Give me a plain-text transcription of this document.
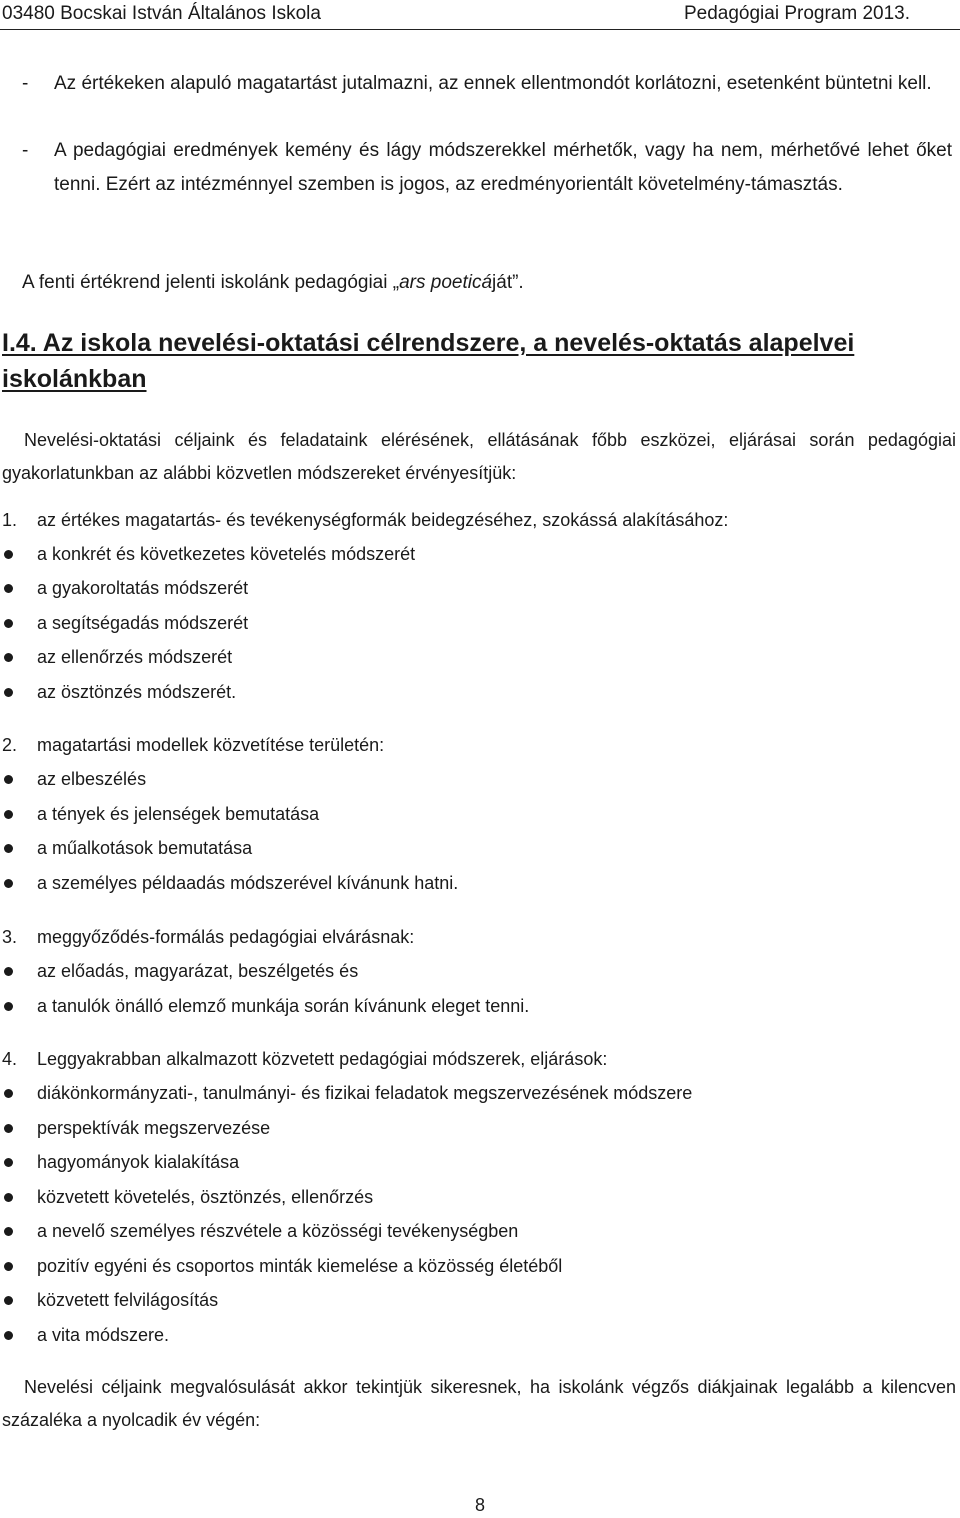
03480 Bocskai István Általános Iskola	Pedagógiai Program 2013.
‑ Az értékeken alapuló magatartást jutalmazni, az ennek ellentmondót korlátozni, esetenként büntetni kell.
‑ A pedagógiai eredmények kemény és lágy módszerekkel mérhetők, vagy ha nem, mérhetővé lehet őket tenni. Ezért az intézménnyel szemben is jogos, az eredményorientált követelmény-támasztás.
A fenti értékrend jelenti iskolánk pedagógiai „ars poeticáját”.
I.4. Az iskola nevelési-oktatási célrendszere, a nevelés-oktatás alapelvei iskolánkban
Nevelési-oktatási céljaink és feladataink elérésének, ellátásának főbb eszközei, eljárásai során pedagógiai gyakorlatunkban az alábbi közvetlen módszereket érvényesítjük:
1. az értékes magatartás- és tevékenységformák beidegzéséhez, szokássá alakításához:
a konkrét és következetes követelés módszerét
a gyakoroltatás módszerét
a segítségadás módszerét
az ellenőrzés módszerét
az ösztönzés módszerét.
2. magatartási modellek közvetítése területén:
az elbeszélés
a tények és jelenségek bemutatása
a műalkotások bemutatása
a személyes példaadás módszerével kívánunk hatni.
3. meggyőződés-formálás pedagógiai elvárásnak:
az előadás, magyarázat, beszélgetés és
a tanulók önálló elemző munkája során kívánunk eleget tenni.
4. Leggyakrabban alkalmazott közvetett pedagógiai módszerek, eljárások:
diákönkormányzati-, tanulmányi- és fizikai feladatok megszervezésének módszere
perspektívák megszervezése
hagyományok kialakítása
közvetett követelés, ösztönzés, ellenőrzés
a nevelő személyes részvétele a közösségi tevékenységben
pozitív egyéni és csoportos minták kiemelése a közösség életéből
közvetett felvilágosítás
a vita módszere.
Nevelési céljaink megvalósulását akkor tekintjük sikeresnek, ha iskolánk végzős diákjainak legalább a kilencven százaléka a nyolcadik év végén:
8
